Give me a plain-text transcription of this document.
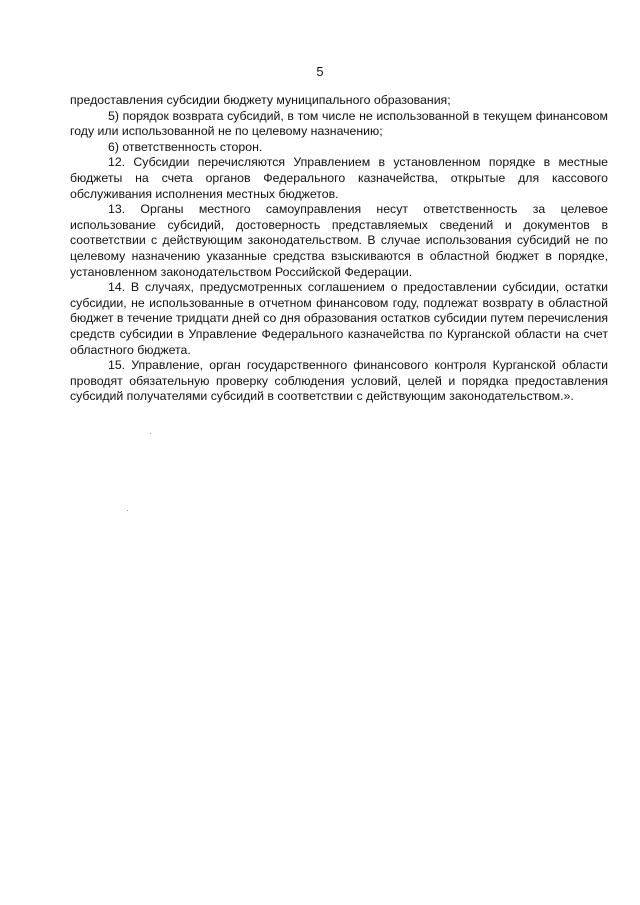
5

предоставления субсидии бюджету муниципального образования;

5) порядок возврата субсидий, в том числе не использованной в текущем финансовом году или использованной не по целевому назначению;

6) ответственность сторон.

12. Субсидии перечисляются Управлением в установленном порядке в местные бюджеты на счета органов Федерального казначейства, открытые для кассового обслуживания исполнения местных бюджетов.

13. Органы местного самоуправления несут ответственность за целевое использование субсидий, достоверность представляемых сведений и документов в соответствии с действующим законодательством. В случае использования субсидий не по целевому назначению указанные средства взыскиваются в областной бюджет в порядке, установленном законодательством Российской Федерации.

14. В случаях, предусмотренных соглашением о предоставлении субсидии, остатки субсидии, не использованные в отчетном финансовом году, подлежат возврату в областной бюджет в течение тридцати дней со дня образования остатков субсидии путем перечисления средств субсидии в Управление Федерального казначейства по Курганской области на счет областного бюджета.

15. Управление, орган государственного финансового контроля Курганской области проводят обязательную проверку соблюдения условий, целей и порядка предоставления субсидий получателями субсидий в соответствии с действующим законодательством.».
